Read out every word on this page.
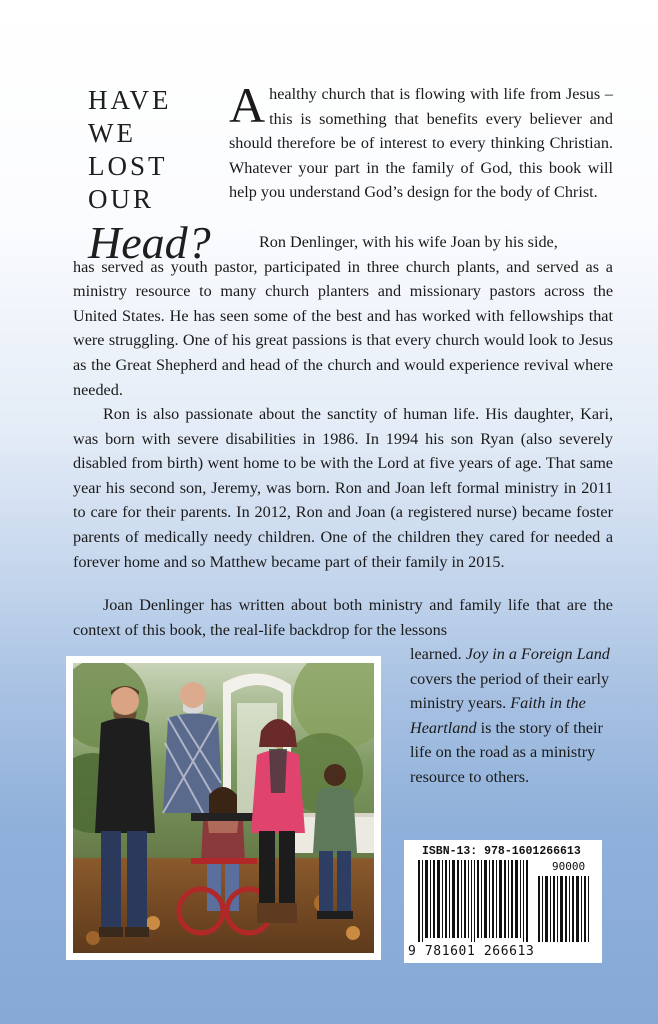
HAVE
WE
LOST
OUR
Head?
Ahealthy church that is flowing with life from Jesus – this is something that benefits every believer and should therefore be of interest to every thinking Christian. Whatever your part in the family of God, this book will help you understand God’s design for the body of Christ.
Ron Denlinger, with his wife Joan by his side,
has served as youth pastor, participated in three church plants, and served as a ministry resource to many church planters and missionary pastors across the United States. He has seen some of the best and has worked with fellowships that were struggling. One of his great passions is that every church would look to Jesus as the Great Shepherd and head of the church and would experience revival where needed.
Ron is also passionate about the sanctity of human life. His daughter, Kari, was born with severe disabilities in 1986. In 1994 his son Ryan (also severely disabled from birth) went home to be with the Lord at five years of age. That same year his second son, Jeremy, was born. Ron and Joan left formal ministry in 2011 to care for their parents. In 2012, Ron and Joan (a registered nurse) became foster parents of medically needy children. One of the children they cared for needed a forever home and so Matthew became part of their family in 2015.
Joan Denlinger has written about both ministry and family life that are the context of this book, the real-life backdrop for the lessons
learned. Joy in a Foreign Land covers the period of their early ministry years. Faith in the Heartland is the story of their life on the road as a ministry resource to others.
ISBN-13: 978-1601266613
90000
9 781601 266613
